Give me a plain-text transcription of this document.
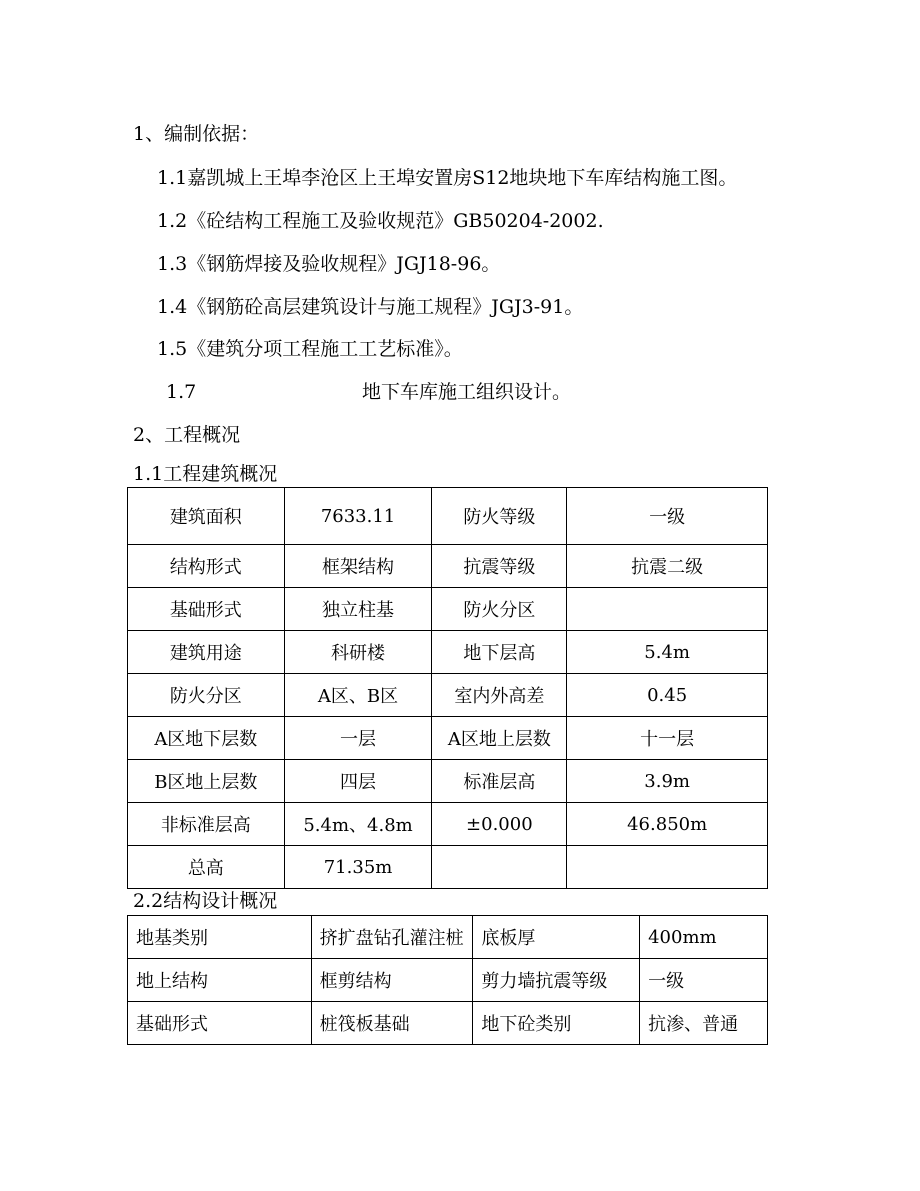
1、编制依据：
1.1嘉凯城上王埠李沧区上王埠安置房S12地块地下车库结构施工图。
1.2《砼结构工程施工及验收规范》GB50204-2002.
1.3《钢筋焊接及验收规程》JGJ18-96。
1.4《钢筋砼高层建筑设计与施工规程》JGJ3-91。
1.5《建筑分项工程施工工艺标准》。
1.7	地下车库施工组织设计。
2、工程概况
1.1工程建筑概况
建筑面积	7633.11	防火等级	一级
结构形式	框架结构	抗震等级	抗震二级
基础形式	独立柱基	防火分区	
建筑用途	科研楼	地下层高	5.4m
防火分区	A区、B区	室内外高差	0.45
A区地下层数	一层	A区地上层数	十一层
B区地上层数	四层	标准层高	3.9m
非标准层高	5.4m、4.8m	±0.000	46.850m
总高	71.35m		
2.2结构设计概况
地基类别	挤扩盘钻孔灌注桩	底板厚	400mm
地上结构	框剪结构	剪力墙抗震等级	一级
基础形式	桩筏板基础	地下砼类别	抗渗、普通
